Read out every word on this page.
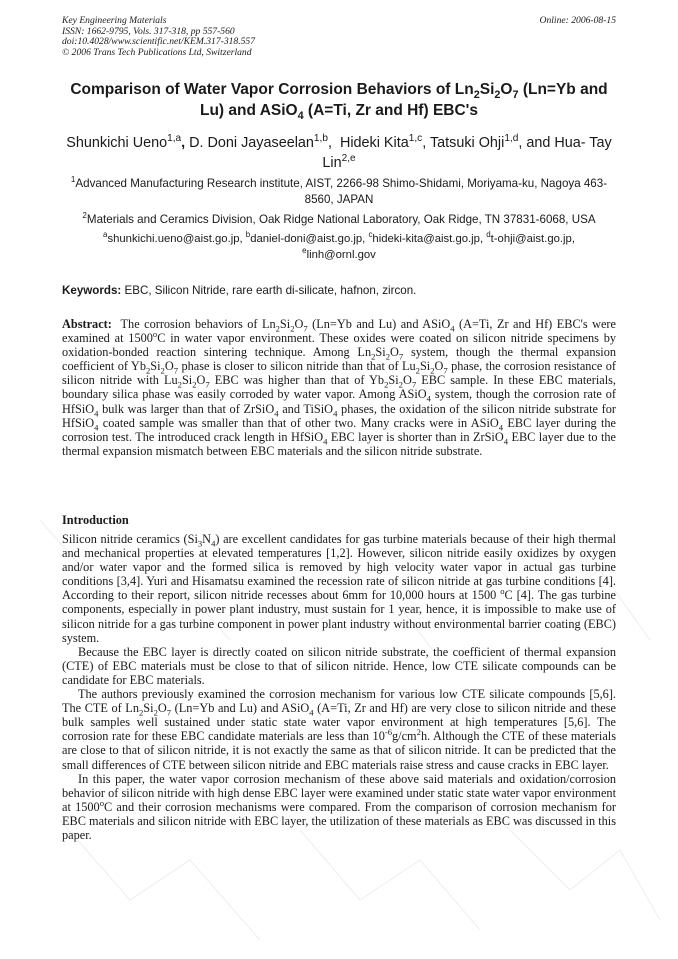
Key Engineering Materials
ISSN: 1662-9795, Vols. 317-318, pp 557-560
doi:10.4028/www.scientific.net/KEM.317-318.557
© 2006 Trans Tech Publications Ltd, Switzerland
Online: 2006-08-15
Comparison of Water Vapor Corrosion Behaviors of $Ln_2Si_2O_7$ (Ln=Yb and Lu) and ASiO$_4$ (A=Ti, Zr and Hf) EBC's

Shunkichi Ueno$^{1,a}$, D. Doni Jayaseelan$^{1,b}$,  Hideki Kita$^{1,c}$, Tatsuki Ohji$^{1,d}$, and Hua- Tay Lin$^{2,e}$

$^1$Advanced Manufacturing Research institute, AIST, 2266-98 Shimo-Shidami, Moriyama-ku, Nagoya 463-8560, JAPAN
$^2$Materials and Ceramics Division, Oak Ridge National Laboratory, Oak Ridge, TN 37831-6068, USA
$^a$shunkichi.ueno@aist.go.jp, $^b$daniel-doni@aist.go.jp, $^c$hideki-kita@aist.go.jp, $^d$t-ohji@aist.go.jp,
$^e$linh@ornl.gov
Keywords: EBC, Silicon Nitride, rare earth di-silicate, hafnon, zircon.

Abstract: The corrosion behaviors of $Ln_2Si_2O_7$ (Ln=Yb and Lu) and ASiO$_4$ (A=Ti, Zr and Hf) EBC's were examined at 1500$^o$C in water vapor environment. These oxides were coated on silicon nitride specimens by oxidation-bonded reaction sintering technique. Among $Ln_2Si_2O_7$ system, though the thermal expansion coefficient of $Yb_2Si_2O_7$ phase is closer to silicon nitride than that of $Lu_2Si_2O_7$ phase, the corrosion resistance of silicon nitride with $Lu_2Si_2O_7$ EBC was higher than that of $Yb_2Si_2O_7$ EBC sample. In these EBC materials, boundary silica phase was easily corroded by water vapor. Among ASiO$_4$ system, though the corrosion rate of HfSiO$_4$ bulk was larger than that of ZrSiO$_4$ and TiSiO$_4$ phases, the oxidation of the silicon nitride substrate for HfSiO$_4$ coated sample was smaller than that of other two. Many cracks were in ASiO$_4$ EBC layer during the corrosion test. The introduced crack length in HfSiO$_4$ EBC layer is shorter than in ZrSiO$_4$ EBC layer due to the thermal expansion mismatch between EBC materials and the silicon nitride substrate.

Introduction

Silicon nitride ceramics $(Si_3N_4)$ are excellent candidates for gas turbine materials because of their high thermal and mechanical properties at elevated temperatures [1,2]. However, silicon nitride easily oxidizes by oxygen and/or water vapor and the formed silica is removed by high velocity water vapor in actual gas turbine conditions [3,4]. Yuri and Hisamatsu examined the recession rate of silicon nitride at gas turbine conditions [4]. According to their report, silicon nitride recesses about 6mm for 10,000 hours at 1500 $^o$C [4]. The gas turbine components, especially in power plant industry, must sustain for 1 year, hence, it is impossible to make use of silicon nitride for a gas turbine component in power plant industry without environmental barrier coating (EBC) system.

Because the EBC layer is directly coated on silicon nitride substrate, the coefficient of thermal expansion (CTE) of EBC materials must be close to that of silicon nitride. Hence, low CTE silicate compounds can be candidate for EBC materials.

The authors previously examined the corrosion mechanism for various low CTE silicate compounds [5,6]. The CTE of $Ln_2Si_2O_7$ (Ln=Yb and Lu) and ASiO$_4$ (A=Ti, Zr and Hf) are very close to silicon nitride and these bulk samples well sustained under static state water vapor environment at high temperatures [5,6]. The corrosion rate for these EBC candidate materials are less than $10^{-6}g/cm^2h$. Although the CTE of these materials are close to that of silicon nitride, it is not exactly the same as that of silicon nitride. It can be predicted that the small differences of CTE between silicon nitride and EBC materials raise stress and cause cracks in EBC layer.

In this paper, the water vapor corrosion mechanism of these above said materials and oxidation/corrosion behavior of silicon nitride with high dense EBC layer were examined under static state water vapor environment at 1500$^o$C and their corrosion mechanisms were compared. From the comparison of corrosion mechanism for EBC materials and silicon nitride with EBC layer, the utilization of these materials as EBC was discussed in this paper.
